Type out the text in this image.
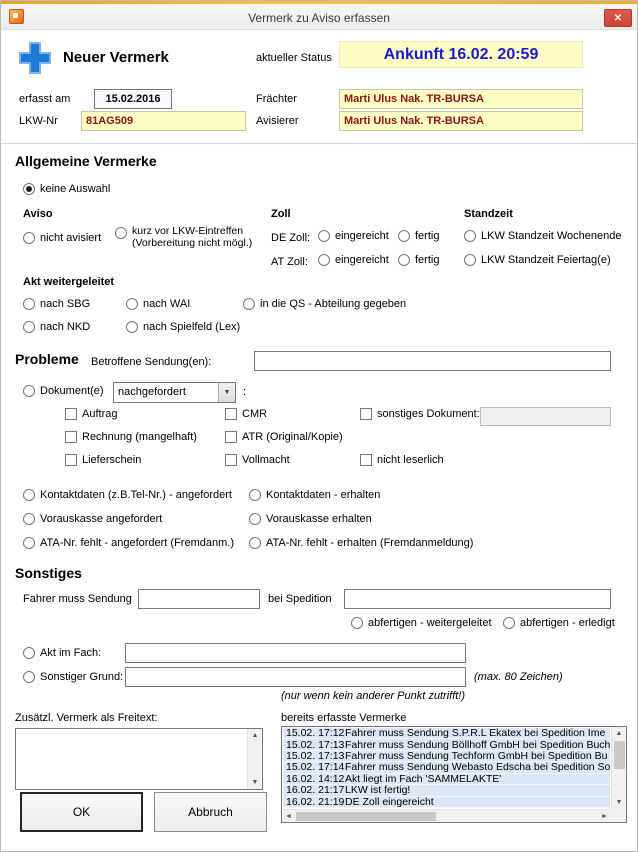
Vermerk zu Aviso erfassen	✕
Neuer Vermerk	aktueller Status	Ankunft 16.02. 20:59
erfasst am	15.02.2016	Frächter	Marti Ulus Nak. TR-BURSA
LKW-Nr	81AG509	Avisierer	Marti Ulus Nak. TR-BURSA
Allgemeine Vermerke
keine Auswahl
Aviso
nicht avisiert
kurz vor LKW-Eintreffen
(Vorbereitung nicht mögl.)
Zoll
DE Zoll: eingereicht fertig
AT Zoll: eingereicht fertig
Standzeit
LKW Standzeit Wochenende
LKW Standzeit Feiertag(e)
Akt weitergeleitet
nach SBG	nach WAI	in die QS - Abteilung gegeben
nach NKD	nach Spielfeld (Lex)
Probleme Betroffene Sendung(en):
Dokument(e)	nachgefordert	▼	:
Auftrag	CMR	sonstiges Dokument:
Rechnung (mangelhaft)	ATR (Original/Kopie)
Lieferschein	Vollmacht	nicht leserlich
Kontaktdaten (z.B.Tel-Nr.) - angefordert	Kontaktdaten - erhalten
Vorauskasse angefordert	Vorauskasse erhalten
ATA-Nr. fehlt - angefordert (Fremdanm.)	ATA-Nr. fehlt - erhalten (Fremdanmeldung)
Sonstiges
Fahrer muss Sendung	bei Spedition
abfertigen - weitergeleitet	abfertigen - erledigt
Akt im Fach:
Sonstiger Grund:	(max. 80 Zeichen)
(nur wenn kein anderer Punkt zutrifft!)
Zusätzl. Vermerk als Freitext:	bereits erfasste Vermerke
▲
▼
15.02. 17:12 Fahrer muss Sendung S.P.R.L Ekatex bei Spedition Ime
15.02. 17:13 Fahrer muss Sendung Böllhoff GmbH bei Spedition Buch
15.02. 17:13 Fahrer muss Sendung Techform GmbH bei Spedition Bu
15.02. 17:14 Fahrer muss Sendung Webasto Edscha bei Spedition So
16.02. 14:12 Akt liegt im Fach 'SAMMELAKTE'
16.02. 21:17 LKW ist fertig!
16.02. 21:19 DE Zoll eingereicht
▲
▼
◄	►
OK	Abbruch
